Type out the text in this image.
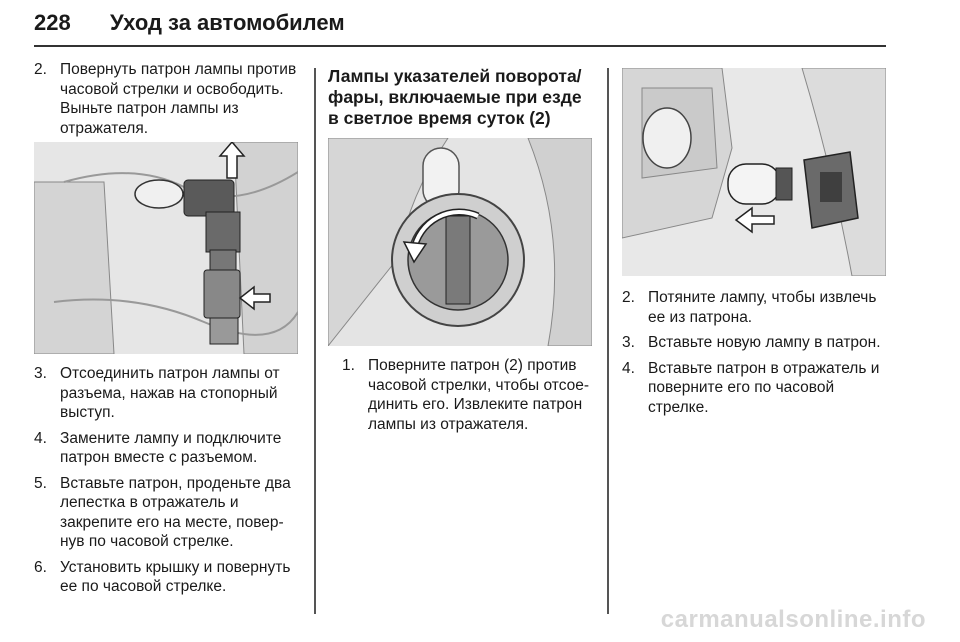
228 Уход за автомобилем
2. Повернуть патрон лампы против часовой стрелки и освободить. Выньте патрон лампы из отражателя.
3. Отсоединить патрон лампы от разъема, нажав на стопорный выступ.
4. Замените лампу и подключите патрон вместе с разъемом.
5. Вставьте патрон, проденьте два лепестка в отражатель и закрепите его на месте, повернув по часовой стрелке.
6. Установить крышку и повернуть ее по часовой стрелке.
Лампы указателей поворота/ фары, включаемые при езде в светлое время суток (2)
1. Поверните патрон (2) против часовой стрелки, чтобы отсоединить его. Извлеките патрон лампы из отражателя.
2. Потяните лампу, чтобы извлечь ее из патрона.
3. Вставьте новую лампу в патрон.
4. Вставьте патрон в отражатель и поверните его по часовой стрелке.
carmanualsonline.info
